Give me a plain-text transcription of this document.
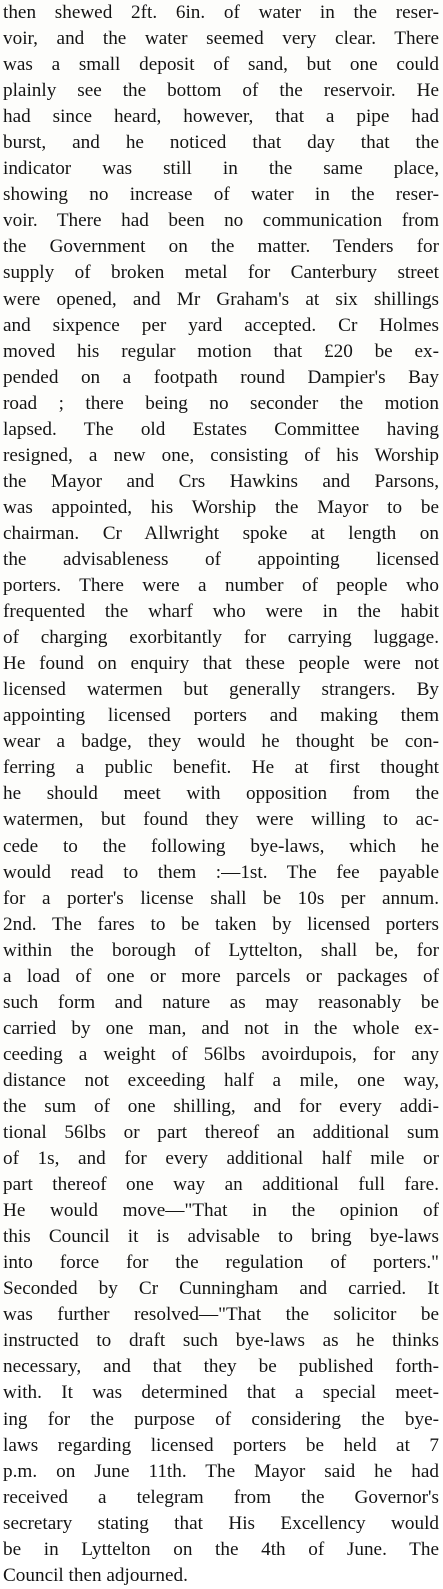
then shewed 2ft. 6in. of water in the reser-
voir, and the water seemed very clear. There
was a small deposit of sand, but one could
plainly see the bottom of the reservoir. He
had since heard, however, that a pipe had
burst, and he noticed that day that the
indicator was still in the same place,
showing no increase of water in the reser-
voir. There had been no communication from
the Government on the matter. Tenders for
supply of broken metal for Canterbury street
were opened, and Mr Graham's at six shillings
and sixpence per yard accepted. Cr Holmes
moved his regular motion that £20 be ex-
pended on a footpath round Dampier's Bay
road ; there being no seconder the motion
lapsed. The old Estates Committee having
resigned, a new one, consisting of his Worship
the Mayor and Crs Hawkins and Parsons,
was appointed, his Worship the Mayor to be
chairman. Cr Allwright spoke at length on
the advisableness of appointing licensed
porters. There were a number of people who
frequented the wharf who were in the habit
of charging exorbitantly for carrying luggage.
He found on enquiry that these people were not
licensed watermen but generally strangers. By
appointing licensed porters and making them
wear a badge, they would he thought be con-
ferring a public benefit. He at first thought
he should meet with opposition from the
watermen, but found they were willing to ac-
cede to the following bye-laws, which he
would read to them :—1st. The fee payable
for a porter's license shall be 10s per annum.
2nd. The fares to be taken by licensed porters
within the borough of Lyttelton, shall be, for
a load of one or more parcels or packages of
such form and nature as may reasonably be
carried by one man, and not in the whole ex-
ceeding a weight of 56lbs avoirdupois, for any
distance not exceeding half a mile, one way,
the sum of one shilling, and for every addi-
tional 56lbs or part thereof an additional sum
of 1s, and for every additional half mile or
part thereof one way an additional full fare.
He would move—"That in the opinion of
this Council it is advisable to bring bye-laws
into force for the regulation of porters."
Seconded by Cr Cunningham and carried. It
was further resolved—"That the solicitor be
instructed to draft such bye-laws as he thinks
necessary, and that they be published forth-
with. It was determined that a special meet-
ing for the purpose of considering the bye-
laws regarding licensed porters be held at 7
p.m. on June 11th. The Mayor said he had
received a telegram from the Governor's
secretary stating that His Excellency would
be in Lyttelton on the 4th of June. The
Council then adjourned.
